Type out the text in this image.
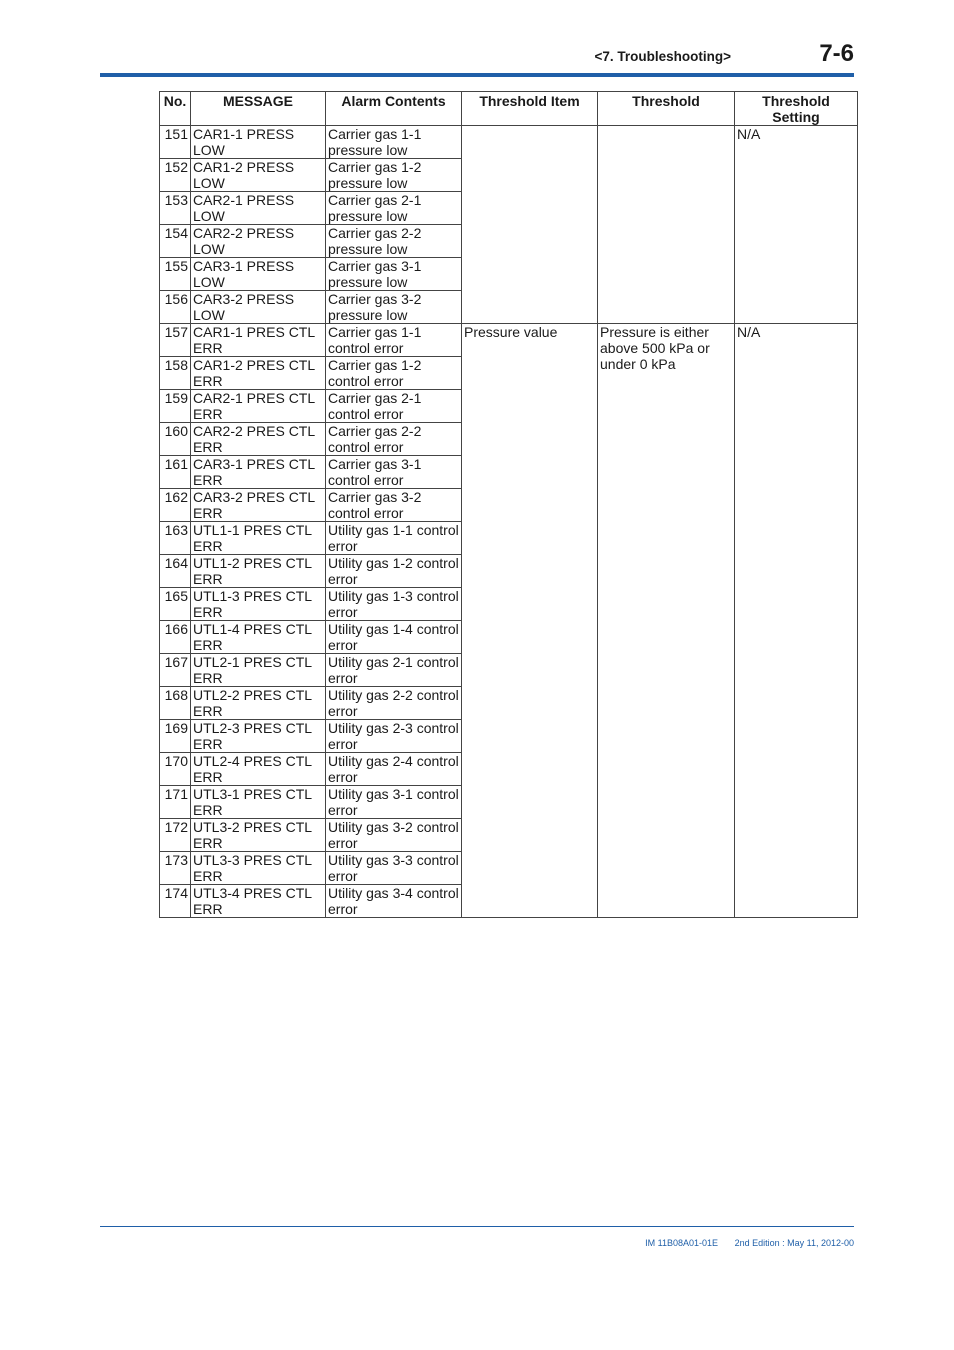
<7. Troubleshooting>	7-6
No.	MESSAGE	Alarm Contents	Threshold Item	Threshold	Threshold Setting
151	CAR1-1 PRESS LOW	Carrier gas 1-1 pressure low			N/A
152	CAR1-2 PRESS LOW	Carrier gas 1-2 pressure low			
153	CAR2-1 PRESS LOW	Carrier gas 2-1 pressure low			
154	CAR2-2 PRESS LOW	Carrier gas 2-2 pressure low			
155	CAR3-1 PRESS LOW	Carrier gas 3-1 pressure low			
156	CAR3-2 PRESS LOW	Carrier gas 3-2 pressure low			
157	CAR1-1 PRES CTL ERR	Carrier gas 1-1 control error	Pressure value	Pressure is either above 500 kPa or under 0 kPa	N/A
158	CAR1-2 PRES CTL ERR	Carrier gas 1-2 control error			
159	CAR2-1 PRES CTL ERR	Carrier gas 2-1 control error			
160	CAR2-2 PRES CTL ERR	Carrier gas 2-2 control error			
161	CAR3-1 PRES CTL ERR	Carrier gas 3-1 control error			
162	CAR3-2 PRES CTL ERR	Carrier gas 3-2 control error			
163	UTL1-1 PRES CTL ERR	Utility gas 1-1 control error			
164	UTL1-2 PRES CTL ERR	Utility gas 1-2 control error			
165	UTL1-3 PRES CTL ERR	Utility gas 1-3 control error			
166	UTL1-4 PRES CTL ERR	Utility gas 1-4 control error			
167	UTL2-1 PRES CTL ERR	Utility gas 2-1 control error			
168	UTL2-2 PRES CTL ERR	Utility gas 2-2 control error			
169	UTL2-3 PRES CTL ERR	Utility gas 2-3 control error			
170	UTL2-4 PRES CTL ERR	Utility gas 2-4 control error			
171	UTL3-1 PRES CTL ERR	Utility gas 3-1 control error			
172	UTL3-2 PRES CTL ERR	Utility gas 3-2 control error			
173	UTL3-3 PRES CTL ERR	Utility gas 3-3 control error			
174	UTL3-4 PRES CTL ERR	Utility gas 3-4 control error			
IM 11B08A01-01E 2nd Edition : May 11, 2012-00
